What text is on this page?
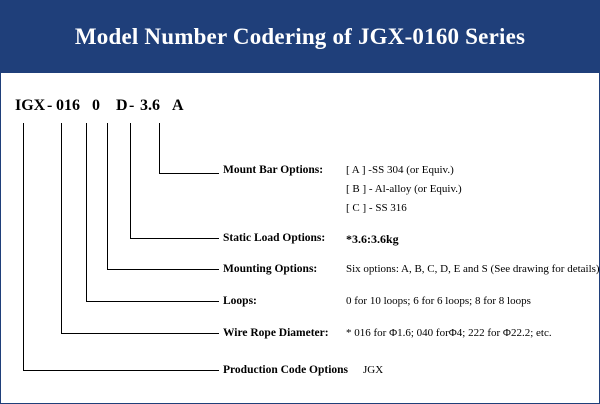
Model Number Codering of JGX-0160 Series
IGX - 016 0	D - 3.6 A
Mount Bar Options: [ A ] -SS 304 (or Equiv.)
[ B ] - Al-alloy (or Equiv.)
[ C ] - SS 316
Static Load Options: *3.6:3.6kg
Mounting Options:	Six options: A, B, C, D, E and S (See drawing for details)
Loops:	0 for 10 loops; 6 for 6 loops; 8 for 8 loops
Wire Rope Diameter: * 016 for Φ1.6; 040 forΦ4; 222 for Φ22.2; etc.
Production Code Options JGX
